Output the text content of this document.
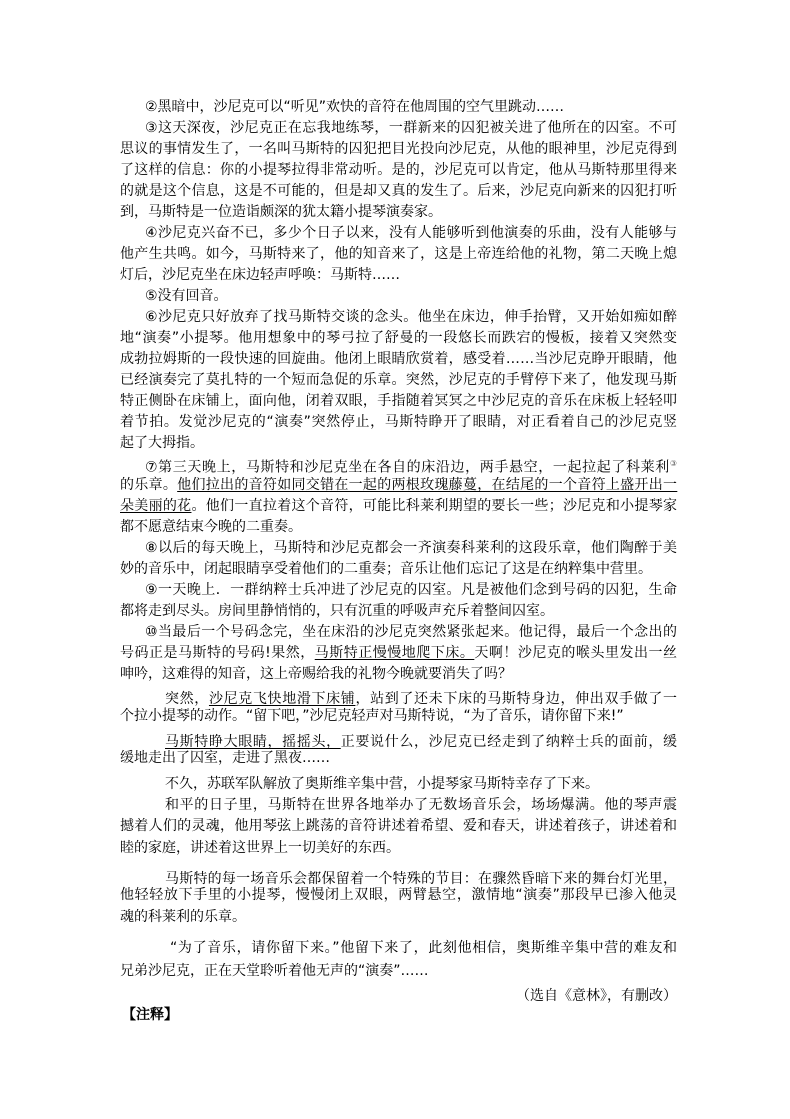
②黑暗中，沙尼克可以“听见”欢快的音符在他周围的空气里跳动……
③这天深夜，沙尼克正在忘我地练琴，一群新来的囚犯被关进了他所在的囚室。不可
思议的事情发生了，一名叫马斯特的囚犯把目光投向沙尼克，从他的眼神里，沙尼克得到
了这样的信息：你的小提琴拉得非常动听。是的，沙尼克可以肯定，他从马斯特那里得来
的就是这个信息，这是不可能的，但是却又真的发生了。后来，沙尼克向新来的囚犯打听
到，马斯特是一位造诣颇深的犹太籍小提琴演奏家。
④沙尼克兴奋不已，多少个日子以来，没有人能够听到他演奏的乐曲，没有人能够与
他产生共鸣。如今，马斯特来了，他的知音来了，这是上帝连给他的礼物，第二天晚上熄
灯后，沙尼克坐在床边轻声呼唤：马斯特……
⑤没有回音。
⑥沙尼克只好放弃了找马斯特交谈的念头。他坐在床边，伸手抬臂，又开始如痴如醉
地“演奏”小提琴。他用想象中的琴弓拉了舒曼的一段悠长而跌宕的慢板，接着又突然变
成勃拉姆斯的一段快速的回旋曲。他闭上眼睛欣赏着，感受着……当沙尼克睁开眼睛，他
已经演奏完了莫扎特的一个短而急促的乐章。突然，沙尼克的手臂停下来了，他发现马斯
特正侧卧在床铺上，面向他，闭着双眼，手指随着冥冥之中沙尼克的音乐在床板上轻轻叩
着节拍。发觉沙尼克的“演奏”突然停止，马斯特睁开了眼睛，对正看着自己的沙尼克竖
起了大拇指。
⑦第三天晚上，马斯特和沙尼克坐在各自的床沿边，两手悬空，一起拉起了科莱利③
的乐章。他们拉出的音符如同交错在一起的两根玫瑰藤蔓，在结尾的一个音符上盛开出一
朵美丽的花。他们一直拉着这个音符，可能比科莱利期望的要长一些；沙尼克和小提琴家
都不愿意结束今晚的二重奏。
⑧以后的每天晚上，马斯特和沙尼克都会一齐演奏科莱利的这段乐章，他们陶醉于美
妙的音乐中，闭起眼睛享受着他们的二重奏；音乐让他们忘记了这是在纳粹集中营里。
⑨一天晚上．一群纳粹士兵冲进了沙尼克的囚室。凡是被他们念到号码的囚犯，生命
都将走到尽头。房间里静悄悄的，只有沉重的呼吸声充斥着整间囚室。
⑩当最后一个号码念完，坐在床沿的沙尼克突然紧张起来。他记得，最后一个念出的
号码正是马斯特的号码!果然，马斯特正慢慢地爬下床。天啊！沙尼克的喉头里发出一丝
呻吟，这难得的知音，这上帝赐给我的礼物今晚就要消失了吗？
突然，沙尼克飞快地滑下床铺，站到了还未下床的马斯特身边，伸出双手做了一
个拉小提琴的动作。“留下吧，”沙尼克轻声对马斯特说，“为了音乐，请你留下来!”
马斯特睁大眼睛，摇摇头，正要说什么，沙尼克已经走到了纳粹士兵的面前，缓
缓地走出了囚室，走进了黑夜……
不久，苏联军队解放了奥斯维辛集中营，小提琴家马斯特幸存了下来。
和平的日子里，马斯特在世界各地举办了无数场音乐会，场场爆满。他的琴声震
撼着人们的灵魂，他用琴弦上跳荡的音符讲述着希望、爱和春天，讲述着孩子，讲述着和
睦的家庭，讲述着这世界上一切美好的东西。
马斯特的每一场音乐会都保留着一个特殊的节目：在骤然昏暗下来的舞台灯光里，
他轻轻放下手里的小提琴，慢慢闭上双眼，两臂悬空，激情地“演奏”那段早已渗入他灵
魂的科莱利的乐章。
“为了音乐，请你留下来。”他留下来了，此刻他相信，奥斯维辛集中营的难友和
兄弟沙尼克，正在天堂聆听着他无声的“演奏”……
（选自《意林》，有删改）
【注释】
